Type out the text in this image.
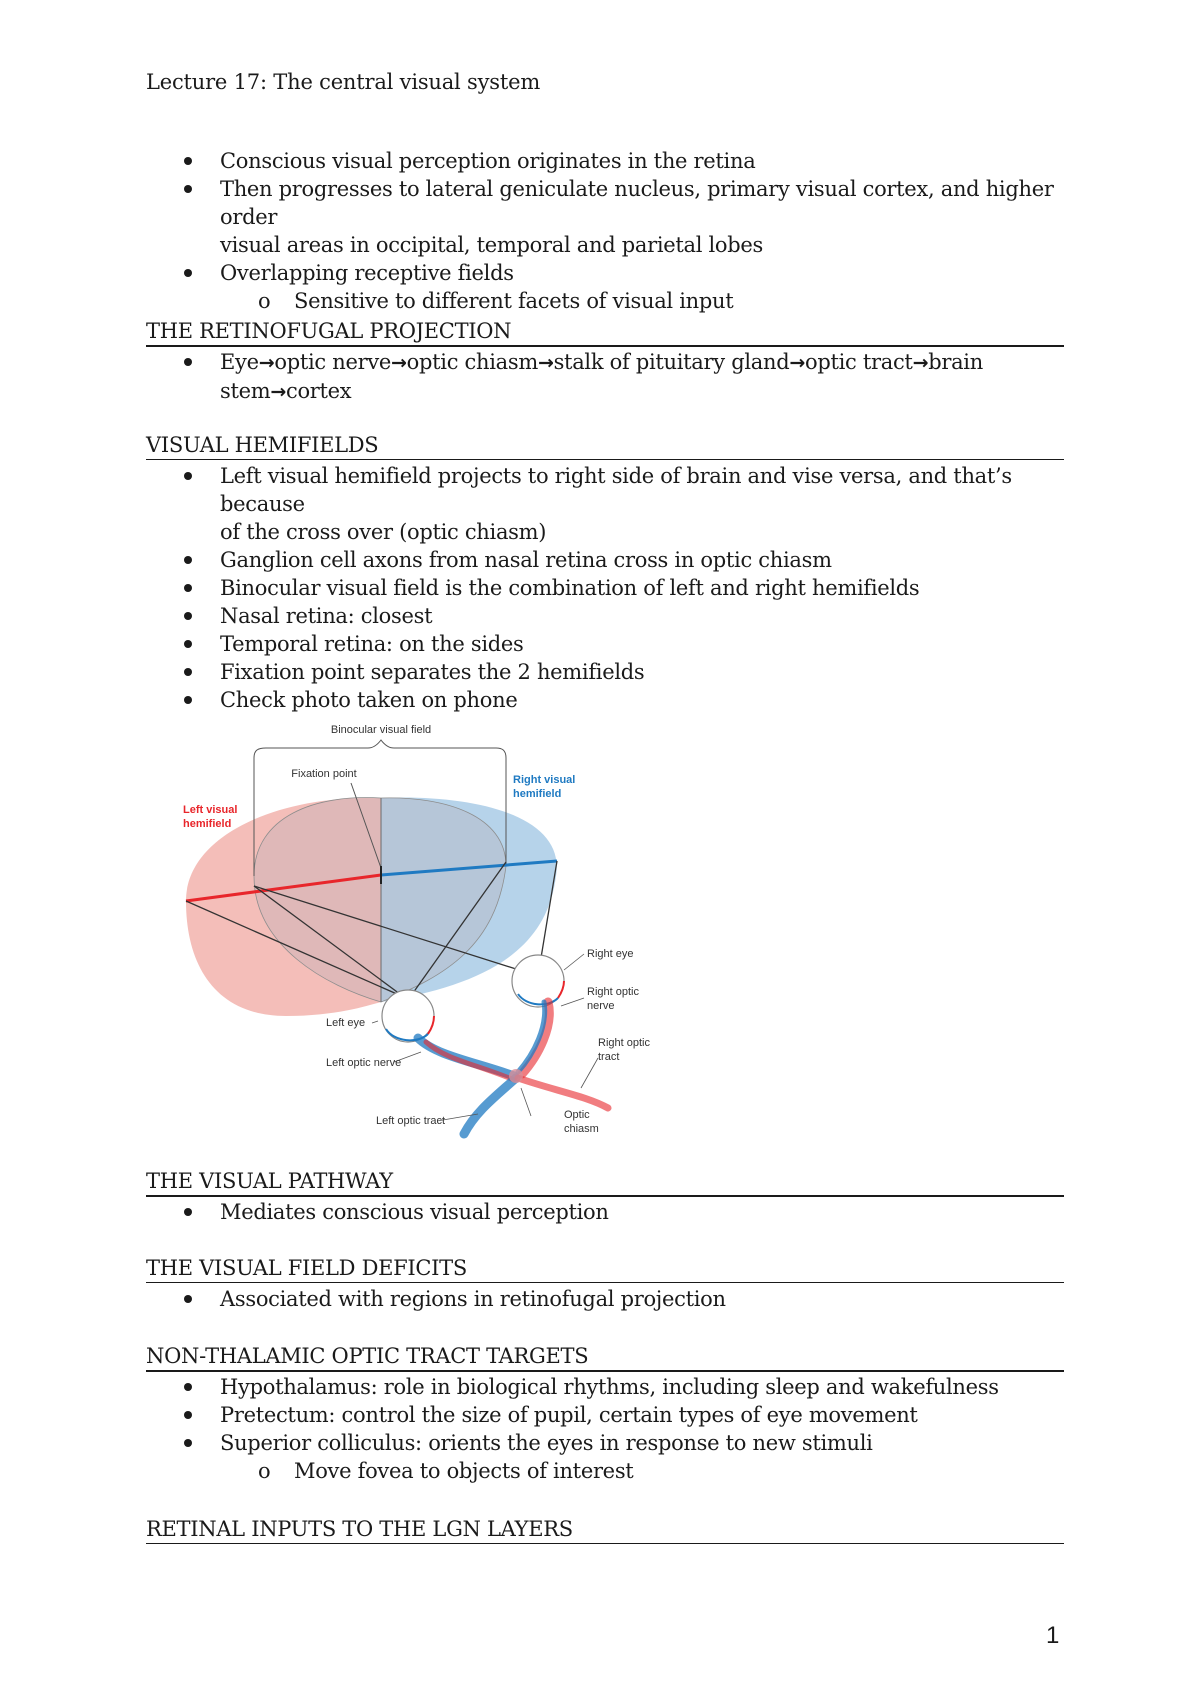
Lecture 17: The central visual system
Conscious visual perception originates in the retina
Then progresses to lateral geniculate nucleus, primary visual cortex, and higher order
visual areas in occipital, temporal and parietal lobes
Overlapping receptive fields
o Sensitive to different facets of visual input
THE RETINOFUGAL PROJECTION
Eye→optic nerve→optic chiasm→stalk of pituitary gland→optic tract→brain
stem→cortex
VISUAL HEMIFIELDS
Left visual hemifield projects to right side of brain and vise versa, and that’s because
of the cross over (optic chiasm)
Ganglion cell axons from nasal retina cross in optic chiasm
Binocular visual field is the combination of left and right hemifields
Nasal retina: closest
Temporal retina: on the sides
Fixation point separates the 2 hemifields
Check photo taken on phone
Binocular visual field
Fixation point
Left visual
hemifield
Right visual
hemifield
Right eye
Right optic
nerve
Right optic
tract
Left eye
Left optic nerve
Left optic tract	Optic
chiasm
THE VISUAL PATHWAY
Mediates conscious visual perception
THE VISUAL FIELD DEFICITS
Associated with regions in retinofugal projection
NON-THALAMIC OPTIC TRACT TARGETS
Hypothalamus: role in biological rhythms, including sleep and wakefulness
Pretectum: control the size of pupil, certain types of eye movement
Superior colliculus: orients the eyes in response to new stimuli
o Move fovea to objects of interest
RETINAL INPUTS TO THE LGN LAYERS
1
